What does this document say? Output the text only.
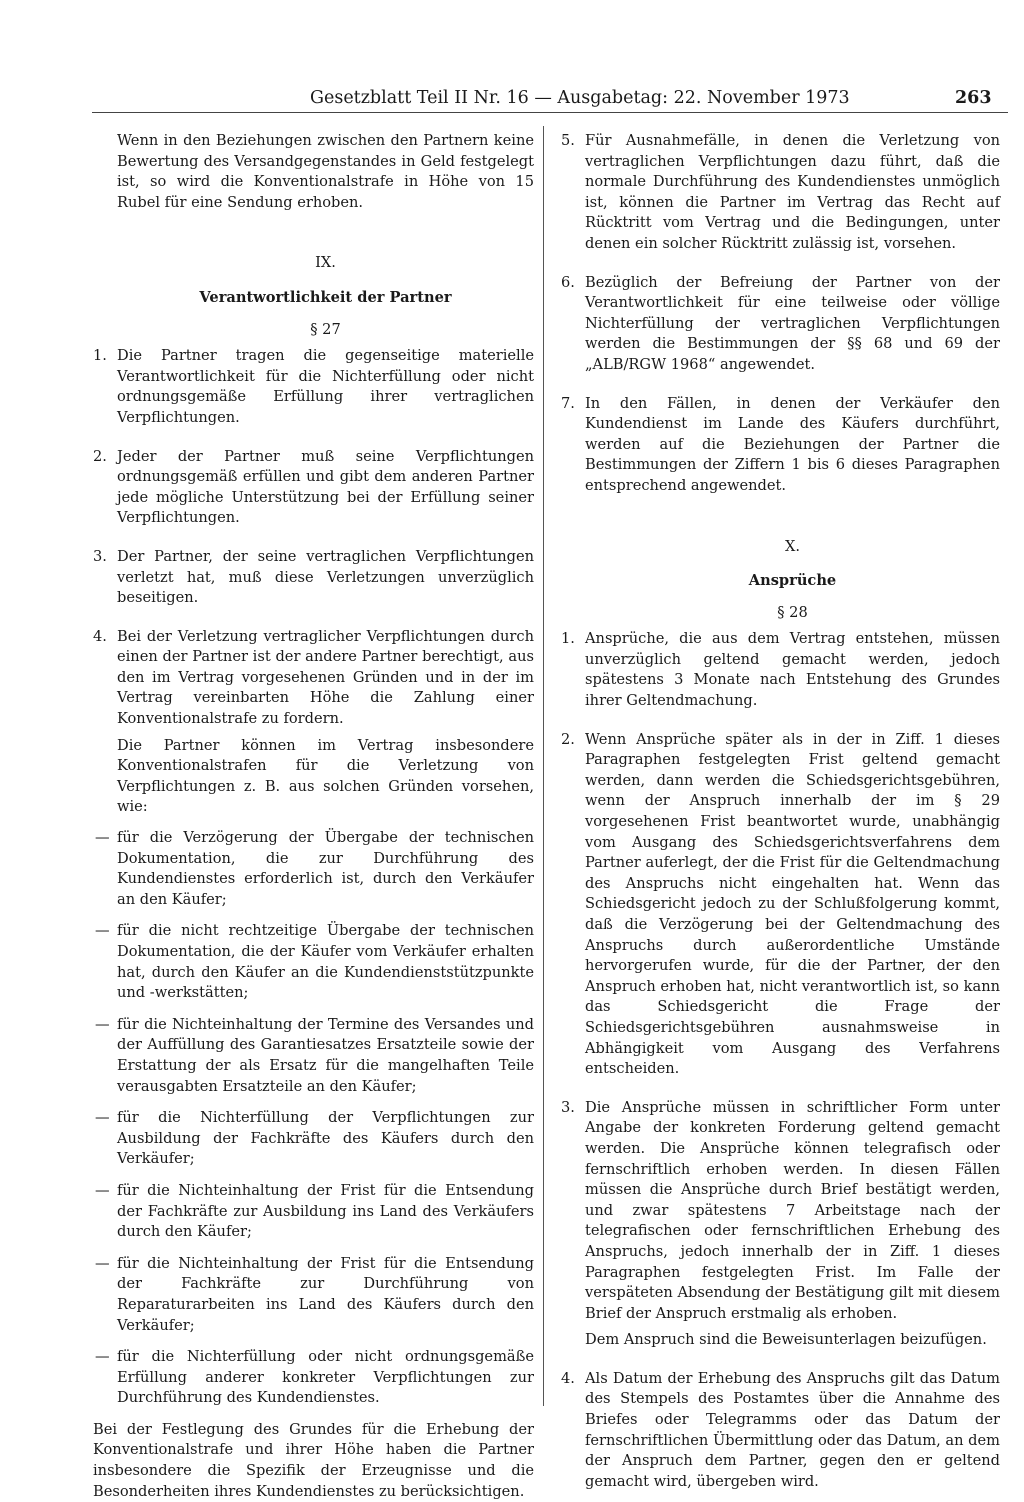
Gesetzblatt Teil II Nr. 16 — Ausgabetag: 22. November 1973	263

Wenn in den Beziehungen zwischen den Partnern keine Bewertung des Versandgegenstandes in Geld festgelegt ist, so wird die Konventionalstrafe in Höhe von 15 Rubel für eine Sendung erhoben.

IX.

Verantwortlichkeit der Partner

§ 27

1. Die Partner tragen die gegenseitige materielle Verantwortlichkeit für die Nichterfüllung oder nicht ordnungsgemäße Erfüllung ihrer vertraglichen Verpflichtungen.

2. Jeder der Partner muß seine Verpflichtungen ordnungsgemäß erfüllen und gibt dem anderen Partner jede mögliche Unterstützung bei der Erfüllung seiner Verpflichtungen.

3. Der Partner, der seine vertraglichen Verpflichtungen verletzt hat, muß diese Verletzungen unverzüglich beseitigen.

4. Bei der Verletzung vertraglicher Verpflichtungen durch einen der Partner ist der andere Partner berechtigt, aus den im Vertrag vorgesehenen Gründen und in der im Vertrag vereinbarten Höhe die Zahlung einer Konventionalstrafe zu fordern.

Die Partner können im Vertrag insbesondere Konventionalstrafen für die Verletzung von Verpflichtungen z. B. aus solchen Gründen vorsehen, wie:

— für die Verzögerung der Übergabe der technischen Dokumentation, die zur Durchführung des Kundendienstes erforderlich ist, durch den Verkäufer an den Käufer;

— für die nicht rechtzeitige Übergabe der technischen Dokumentation, die der Käufer vom Verkäufer erhalten hat, durch den Käufer an die Kundendienststützpunkte und -werkstätten;

— für die Nichteinhaltung der Termine des Versandes und der Auffüllung des Garantiesatzes Ersatzteile sowie der Erstattung der als Ersatz für die mangelhaften Teile verausgabten Ersatzteile an den Käufer;

— für die Nichterfüllung der Verpflichtungen zur Ausbildung der Fachkräfte des Käufers durch den Verkäufer;

— für die Nichteinhaltung der Frist für die Entsendung der Fachkräfte zur Ausbildung ins Land des Verkäufers durch den Käufer;

— für die Nichteinhaltung der Frist für die Entsendung der Fachkräfte zur Durchführung von Reparaturarbeiten ins Land des Käufers durch den Verkäufer;

— für die Nichterfüllung oder nicht ordnungsgemäße Erfüllung anderer konkreter Verpflichtungen zur Durchführung des Kundendienstes.

Bei der Festlegung des Grundes für die Erhebung der Konventionalstrafe und ihrer Höhe haben die Partner insbesondere die Spezifik der Erzeugnisse und die Besonderheiten ihres Kundendienstes zu berücksichtigen.

5. Für Ausnahmefälle, in denen die Verletzung von vertraglichen Verpflichtungen dazu führt, daß die normale Durchführung des Kundendienstes unmöglich ist, können die Partner im Vertrag das Recht auf Rücktritt vom Vertrag und die Bedingungen, unter denen ein solcher Rücktritt zulässig ist, vorsehen.

6. Bezüglich der Befreiung der Partner von der Verantwortlichkeit für eine teilweise oder völlige Nichterfüllung der vertraglichen Verpflichtungen werden die Bestimmungen der §§ 68 und 69 der „ALB/RGW 1968“ angewendet.

7. In den Fällen, in denen der Verkäufer den Kundendienst im Lande des Käufers durchführt, werden auf die Beziehungen der Partner die Bestimmungen der Ziffern 1 bis 6 dieses Paragraphen entsprechend angewendet.

X.

Ansprüche

§ 28

1. Ansprüche, die aus dem Vertrag entstehen, müssen unverzüglich geltend gemacht werden, jedoch spätestens 3 Monate nach Entstehung des Grundes ihrer Geltendmachung.

2. Wenn Ansprüche später als in der in Ziff. 1 dieses Paragraphen festgelegten Frist geltend gemacht werden, dann werden die Schiedsgerichtsgebühren, wenn der Anspruch innerhalb der im § 29 vorgesehenen Frist beantwortet wurde, unabhängig vom Ausgang des Schiedsgerichtsverfahrens dem Partner auferlegt, der die Frist für die Geltendmachung des Anspruchs nicht eingehalten hat. Wenn das Schiedsgericht jedoch zu der Schlußfolgerung kommt, daß die Verzögerung bei der Geltendmachung des Anspruchs durch außerordentliche Umstände hervorgerufen wurde, für die der Partner, der den Anspruch erhoben hat, nicht verantwortlich ist, so kann das Schiedsgericht die Frage der Schiedsgerichtsgebühren ausnahmsweise in Abhängigkeit vom Ausgang des Verfahrens entscheiden.

3. Die Ansprüche müssen in schriftlicher Form unter Angabe der konkreten Forderung geltend gemacht werden. Die Ansprüche können telegrafisch oder fernschriftlich erhoben werden. In diesen Fällen müssen die Ansprüche durch Brief bestätigt werden, und zwar spätestens 7 Arbeitstage nach der telegrafischen oder fernschriftlichen Erhebung des Anspruchs, jedoch innerhalb der in Ziff. 1 dieses Paragraphen festgelegten Frist. Im Falle der verspäteten Absendung der Bestätigung gilt mit diesem Brief der Anspruch erstmalig als erhoben.

Dem Anspruch sind die Beweisunterlagen beizufügen.

4. Als Datum der Erhebung des Anspruchs gilt das Datum des Stempels des Postamtes über die Annahme des Briefes oder Telegramms oder das Datum der fernschriftlichen Übermittlung oder das Datum, an dem der Anspruch dem Partner, gegen den er geltend gemacht wird, übergeben wird.
